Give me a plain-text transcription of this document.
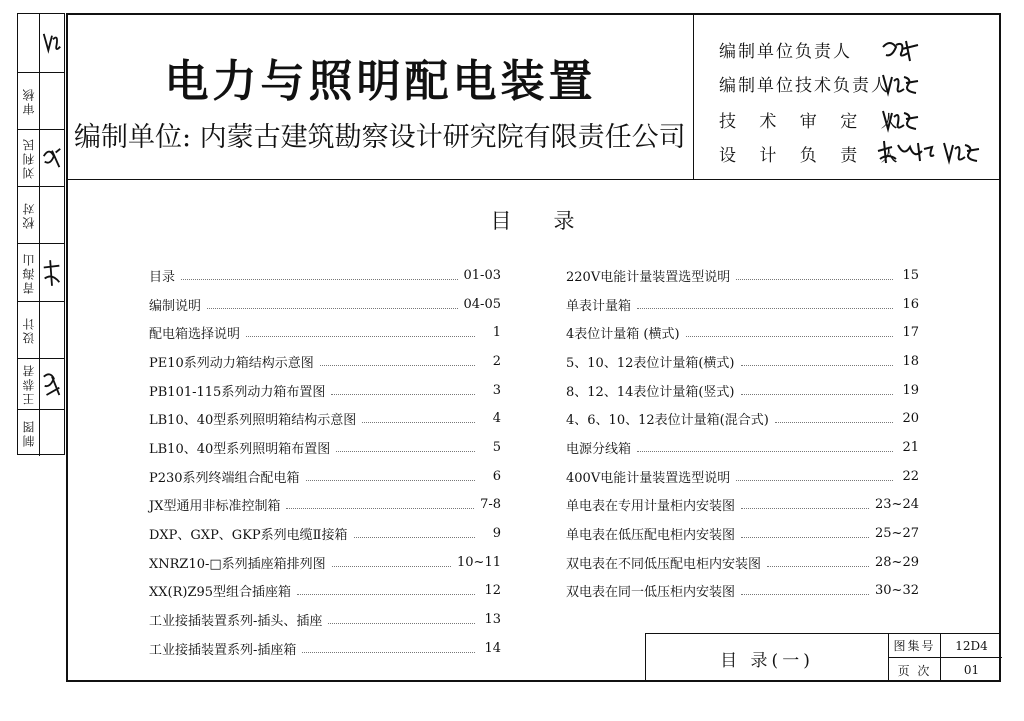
审核
刘利民
校对
青海山
设计
王恭君
制图
电力与照明配电装置
编制单位: 内蒙古建筑勘察设计研究院有限责任公司
编制单位负责人
编制单位技术负责人
技 术 审 定 人
设 计 负 责 人
目 录
目录	01-03
编制说明	04-05
配电箱选择说明	1
PE10系列动力箱结构示意图	2
PB101-115系列动力箱布置图	3
LB10、40型系列照明箱结构示意图	4
LB10、40型系列照明箱布置图	5
P230系列终端组合配电箱	6
JX型通用非标准控制箱	7-8
DXP、GXP、GKP系列电缆Ⅱ接箱	9
XNRZ10-□系列插座箱排列图	10~11
XX(R)Z95型组合插座箱	12
工业接插装置系列-插头、插座	13
工业接插装置系列-插座箱	14
220V电能计量装置选型说明	15
单表计量箱	16
4表位计量箱 (横式)	17
5、10、12表位计量箱(横式)	18
8、12、14表位计量箱(竖式)	19
4、6、10、12表位计量箱(混合式)	20
电源分线箱	21
400V电能计量装置选型说明	22
单电表在专用计量柜内安装图	23~24
单电表在低压配电柜内安装图	25~27
双电表在不同低压配电柜内安装图	28~29
双电表在同一低压柜内安装图	30~32
目 录(一)
图集号	12D4
页 次	01
